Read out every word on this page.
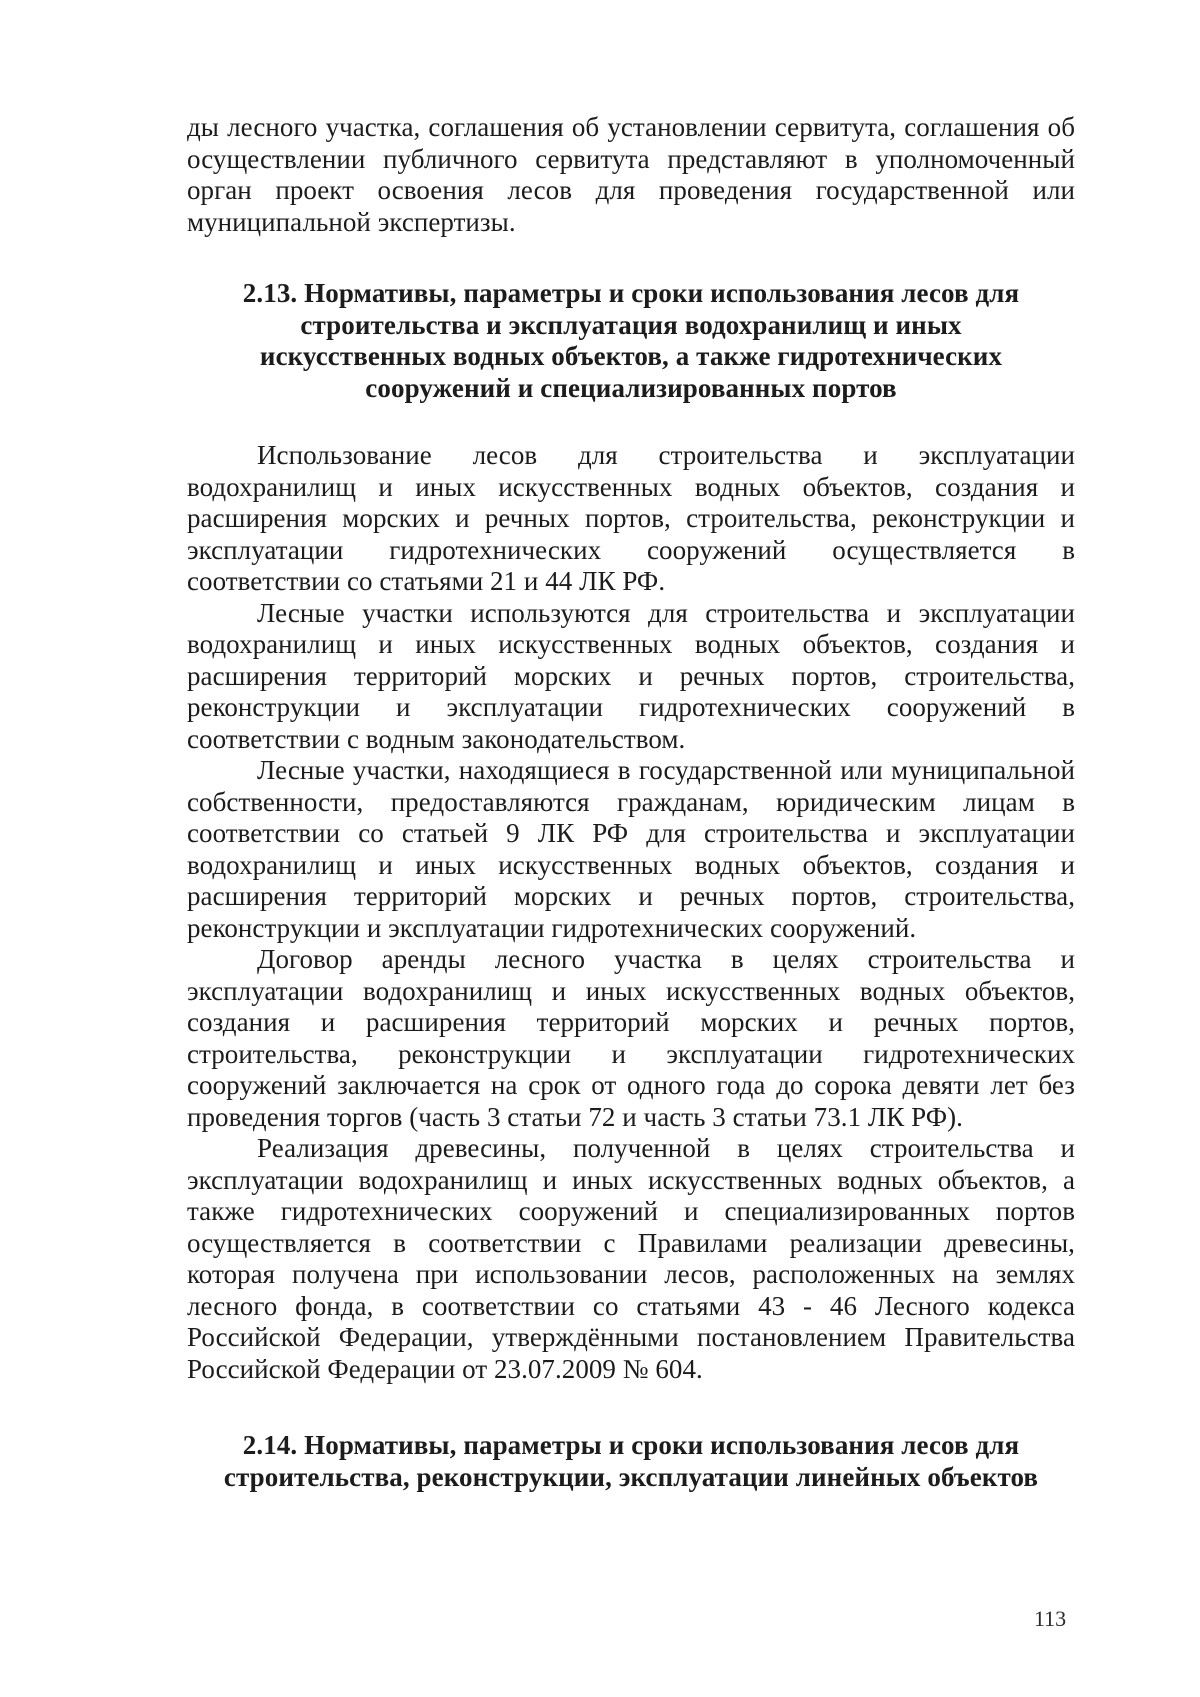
ды лесного участка, соглашения об установлении сервитута, соглашения об осуществлении публичного сервитута представляют в уполномоченный орган проект освоения лесов для проведения государственной или муниципальной экспертизы.

2.13. Нормативы, параметры и сроки использования лесов для
строительства и эксплуатация водохранилищ и иных
искусственных водных объектов, а также гидротехнических
сооружений и специализированных портов

Использование лесов для строительства и эксплуатации водохранилищ и иных искусственных водных объектов, создания и расширения морских и речных портов, строительства, реконструкции и эксплуатации гидротехнических сооружений осуществляется в соответствии со статьями 21 и 44 ЛК РФ.

Лесные участки используются для строительства и эксплуатации водохранилищ и иных искусственных водных объектов, создания и расширения территорий морских и речных портов, строительства, реконструкции и эксплуатации гидротехнических сооружений в соответствии с водным законодательством.

Лесные участки, находящиеся в государственной или муниципальной собственности, предоставляются гражданам, юридическим лицам в соответствии со статьей 9 ЛК РФ для строительства и эксплуатации водохранилищ и иных искусственных водных объектов, создания и расширения территорий морских и речных портов, строительства, реконструкции и эксплуатации гидротехнических сооружений.

Договор аренды лесного участка в целях строительства и эксплуатации водохранилищ и иных искусственных водных объектов, создания и расширения территорий морских и речных портов, строительства, реконструкции и эксплуатации гидротехнических сооружений заключается на срок от одного года до сорока девяти лет без проведения торгов (часть 3 статьи 72 и часть 3 статьи 73.1 ЛК РФ).

Реализация древесины, полученной в целях строительства и эксплуатации водохранилищ и иных искусственных водных объектов, а также гидротехнических сооружений и специализированных портов осуществляется в соответствии с Правилами реализации древесины, которая получена при использовании лесов, расположенных на землях лесного фонда, в соответствии со статьями 43 - 46 Лесного кодекса Российской Федерации, утверждёнными постановлением Правительства Российской Федерации от 23.07.2009 № 604.

2.14. Нормативы, параметры и сроки использования лесов для
строительства, реконструкции, эксплуатации линейных объектов
113
